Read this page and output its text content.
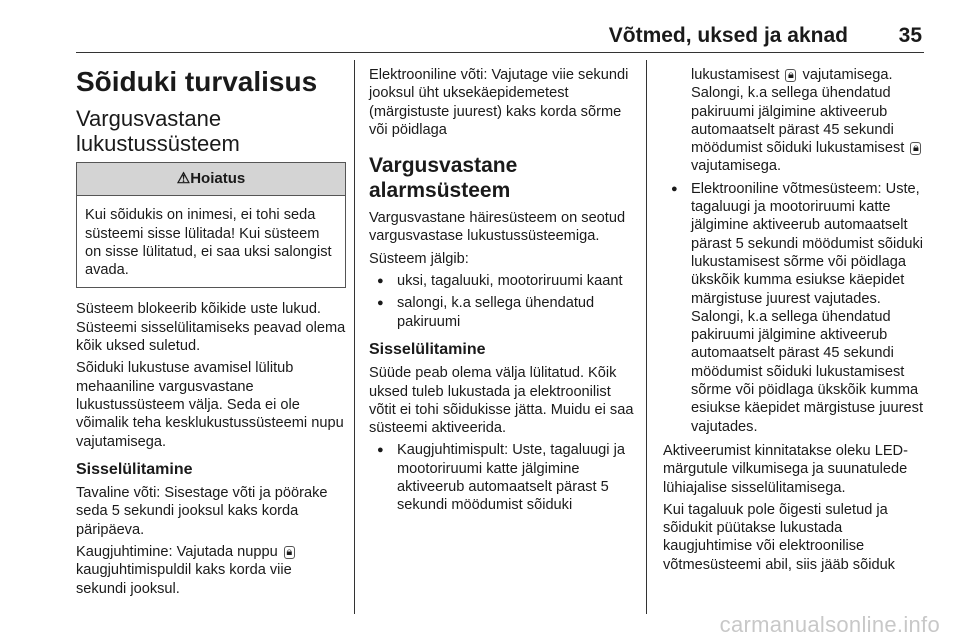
Võtmed, uksed ja aknad 35
Sõiduki turvalisus
Vargusvastane lukustussüsteem
⚠Hoiatus
Kui sõidukis on inimesi, ei tohi seda süsteemi sisse lülitada! Kui süsteem on sisse lülitatud, ei saa uksi salongist avada.

Süsteem blokeerib kõikide uste lukud. Süsteemi sisselülitamiseks peavad olema kõik uksed suletud.

Sõiduki lukustuse avamisel lülitub mehaaniline vargusvastane lukustussüsteem välja. Seda ei ole võimalik teha kesklukustussüsteemi nupu vajutamisega.

Sisselülitamine

Tavaline võti: Sisestage võti ja pöörake seda 5 sekundi jooksul kaks korda päripäeva.

Kaugjuhtimine: Vajutada nuppu 🔒︎
kaugjuhtimispuldil kaks korda viie sekundi jooksul.

Elektrooniline võti: Vajutage viie sekundi jooksul üht uksekäepidemetest (märgistuste juurest) kaks korda sõrme või pöidlaga

Vargusvastane alarmsüsteem

Vargusvastane häiresüsteem on seotud vargusvastase lukustussüsteemiga.

Süsteem jälgib:

● uksi, tagaluuki, mootoriruumi kaant
● salongi, k.a sellega ühendatud pakiruumi
Sisselülitamine

Süüde peab olema välja lülitatud. Kõik uksed tuleb lukustada ja elektroonilist võtit ei tohi sõidukisse jätta. Muidu ei saa süsteemi aktiveerida.

● Kaugjuhtimispult: Uste, tagaluugi ja mootoriruumi katte jälgimine aktiveerub automaatselt pärast 5 sekundi möödumist sõiduki

lukustamisest 🔒︎ vajutamisega. Salongi, k.a sellega ühendatud pakiruumi jälgimine aktiveerub automaatselt pärast 45 sekundi möödumist sõiduki lukustamisest 🔒︎ vajutamisega.

● Elektrooniline võtmesüsteem: Uste, tagaluugi ja mootoriruumi katte jälgimine aktiveerub automaatselt pärast 5 sekundi möödumist sõiduki lukustamisest sõrme või pöidlaga ükskõik kumma esiukse käepidet märgistuse juurest vajutades. Salongi, k.a sellega ühendatud pakiruumi jälgimine aktiveerub automaatselt pärast 45 sekundi möödumist sõiduki lukustamisest sõrme või pöidlaga ükskõik kumma esiukse käepidet märgistuse juurest vajutades.

Aktiveerumist kinnitatakse oleku LED-märgutule vilkumisega ja suunatulede lühiajalise sisselülitamisega.

Kui tagaluuk pole õigesti suletud ja sõidukit püütakse lukustada kaugjuhtimise või elektroonilise võtmesüsteemi abil, siis jääb sõiduk

carmanualsonline.info
